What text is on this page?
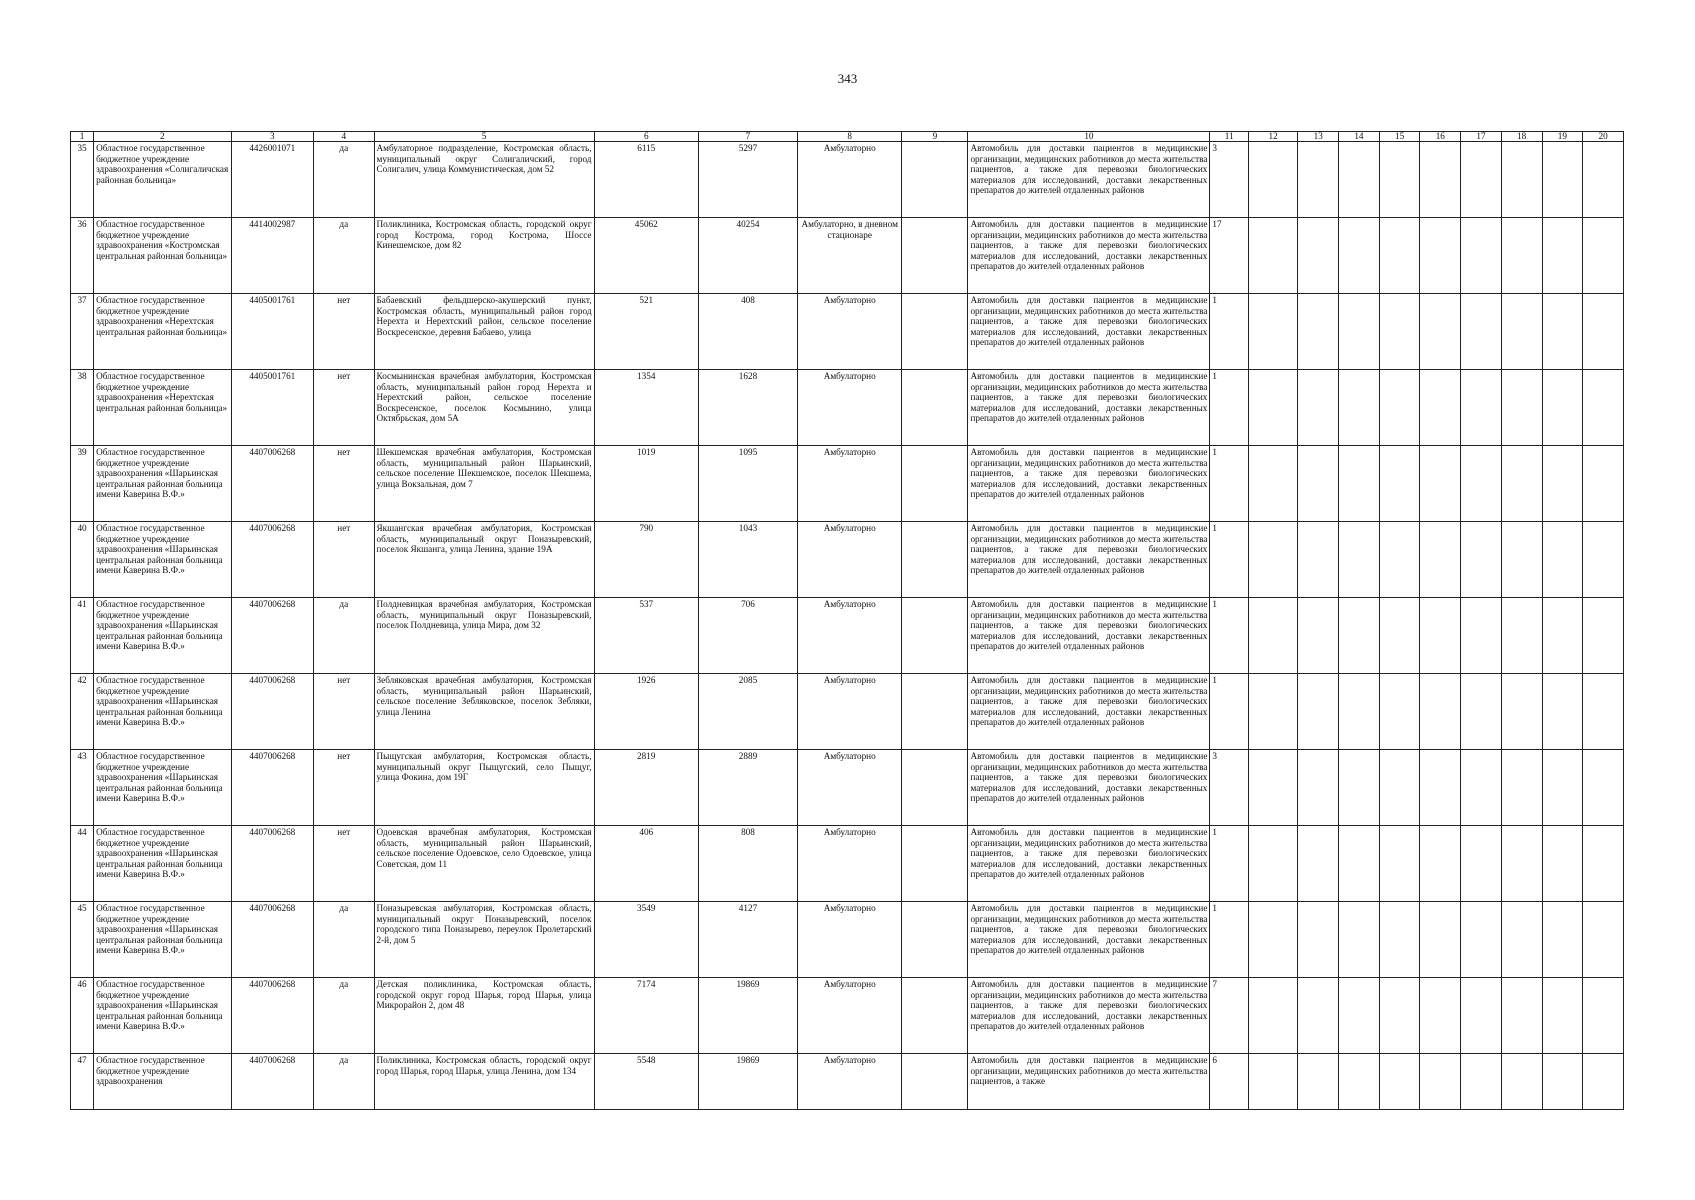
343
1	2	3	4	5	6	7	8	9	10	11	12	13	14	15	16	17	18	19	20
35	Областное государственное бюджетное учреждение здравоохранения «Солигаличская районная больница»	4426001071	да	Амбулаторное подразделение, Костромская область, муниципальный округ Солигаличский, город Солигалич, улица Коммунистическая, дом 52	6115	5297	Амбулаторно		Автомобиль для доставки пациентов в медицинские организации, медицинских работников до места жительства пациентов, а также для перевозки биологических материалов для исследований, доставки лекарственных препаратов до жителей отдаленных районов	3									
36	Областное государственное бюджетное учреждение здравоохранения «Костромская центральная районная больница»	4414002987	да	Поликлиника, Костромская область, городской округ город Кострома, город Кострома, Шоссе Кинешемское, дом 82	45062	40254	Амбулаторно, в дневном стационаре		Автомобиль для доставки пациентов в медицинские организации, медицинских работников до места жительства пациентов, а также для перевозки биологических материалов для исследований, доставки лекарственных препаратов до жителей отдаленных районов	17									
37	Областное государственное бюджетное учреждение здравоохранения «Нерехтская центральная районная больница»	4405001761	нет	Бабаевский фельдшерско-акушерский пункт, Костромская область, муниципальный район город Нерехта и Нерехтский район, сельское поселение Воскресенское, деревня Бабаево, улица	521	408	Амбулаторно		Автомобиль для доставки пациентов в медицинские организации, медицинских работников до места жительства пациентов, а также для перевозки биологических материалов для исследований, доставки лекарственных препаратов до жителей отдаленных районов	1									
38	Областное государственное бюджетное учреждение здравоохранения «Нерехтская центральная районная больница»	4405001761	нет	Космынинская врачебная амбулатория, Костромская область, муниципальный район город Нерехта и Нерехтский район, сельское поселение Воскресенское, поселок Космынино, улица Октябрьская, дом 5А	1354	1628	Амбулаторно		Автомобиль для доставки пациентов в медицинские организации, медицинских работников до места жительства пациентов, а также для перевозки биологических материалов для исследований, доставки лекарственных препаратов до жителей отдаленных районов	1									
39	Областное государственное бюджетное учреждение здравоохранения «Шарьинская центральная районная больница имени Каверина В.Ф.»	4407006268	нет	Шекшемская врачебная амбулатория, Костромская область, муниципальный район Шарьинский, сельское поселение Шекшемское, поселок Шекшема, улица Вокзальная, дом 7	1019	1095	Амбулаторно		Автомобиль для доставки пациентов в медицинские организации, медицинских работников до места жительства пациентов, а также для перевозки биологических материалов для исследований, доставки лекарственных препаратов до жителей отдаленных районов	1									
40	Областное государственное бюджетное учреждение здравоохранения «Шарьинская центральная районная больница имени Каверина В.Ф.»	4407006268	нет	Якшангская врачебная амбулатория, Костромская область, муниципальный округ Поназыревский, поселок Якшанга, улица Ленина, здание 19А	790	1043	Амбулаторно		Автомобиль для доставки пациентов в медицинские организации, медицинских работников до места жительства пациентов, а также для перевозки биологических материалов для исследований, доставки лекарственных препаратов до жителей отдаленных районов	1									
41	Областное государственное бюджетное учреждение здравоохранения «Шарьинская центральная районная больница имени Каверина В.Ф.»	4407006268	да	Полдневицкая врачебная амбулатория, Костромская область, муниципальный округ Поназыревский, поселок Полдневица, улица Мира, дом 32	537	706	Амбулаторно		Автомобиль для доставки пациентов в медицинские организации, медицинских работников до места жительства пациентов, а также для перевозки биологических материалов для исследований, доставки лекарственных препаратов до жителей отдаленных районов	1									
42	Областное государственное бюджетное учреждение здравоохранения «Шарьинская центральная районная больница имени Каверина В.Ф.»	4407006268	нет	Зебляковская врачебная амбулатория, Костромская область, муниципальный район Шарьинский, сельское поселение Зебляковское, поселок Зебляки, улица Ленина	1926	2085	Амбулаторно		Автомобиль для доставки пациентов в медицинские организации, медицинских работников до места жительства пациентов, а также для перевозки биологических материалов для исследований, доставки лекарственных препаратов до жителей отдаленных районов	1									
43	Областное государственное бюджетное учреждение здравоохранения «Шарьинская центральная районная больница имени Каверина В.Ф.»	4407006268	нет	Пыщугская амбулатория, Костромская область, муниципальный округ Пыщугский, село Пыщуг, улица Фокина, дом 19Г	2819	2889	Амбулаторно		Автомобиль для доставки пациентов в медицинские организации, медицинских работников до места жительства пациентов, а также для перевозки биологических материалов для исследований, доставки лекарственных препаратов до жителей отдаленных районов	3									
44	Областное государственное бюджетное учреждение здравоохранения «Шарьинская центральная районная больница имени Каверина В.Ф.»	4407006268	нет	Одоевская врачебная амбулатория, Костромская область, муниципальный район Шарьинский, сельское поселение Одоевское, село Одоевское, улица Советская, дом 11	406	808	Амбулаторно		Автомобиль для доставки пациентов в медицинские организации, медицинских работников до места жительства пациентов, а также для перевозки биологических материалов для исследований, доставки лекарственных препаратов до жителей отдаленных районов	1									
45	Областное государственное бюджетное учреждение здравоохранения «Шарьинская центральная районная больница имени Каверина В.Ф.»	4407006268	да	Поназыревская амбулатория, Костромская область, муниципальный округ Поназыревский, поселок городского типа Поназырево, переулок Пролетарский 2-й, дом 5	3549	4127	Амбулаторно		Автомобиль для доставки пациентов в медицинские организации, медицинских работников до места жительства пациентов, а также для перевозки биологических материалов для исследований, доставки лекарственных препаратов до жителей отдаленных районов	1									
46	Областное государственное бюджетное учреждение здравоохранения «Шарьинская центральная районная больница имени Каверина В.Ф.»	4407006268	да	Детская поликлиника, Костромская область, городской округ город Шарья, город Шарья, улица Микрорайон 2, дом 48	7174	19869	Амбулаторно		Автомобиль для доставки пациентов в медицинские организации, медицинских работников до места жительства пациентов, а также для перевозки биологических материалов для исследований, доставки лекарственных препаратов до жителей отдаленных районов	7									
47	Областное государственное бюджетное учреждение здравоохранения	4407006268	да	Поликлиника, Костромская область, городской округ город Шарья, город Шарья, улица Ленина, дом 134	5548	19869	Амбулаторно		Автомобиль для доставки пациентов в медицинские организации, медицинских работников до места жительства пациентов, а также	6									
